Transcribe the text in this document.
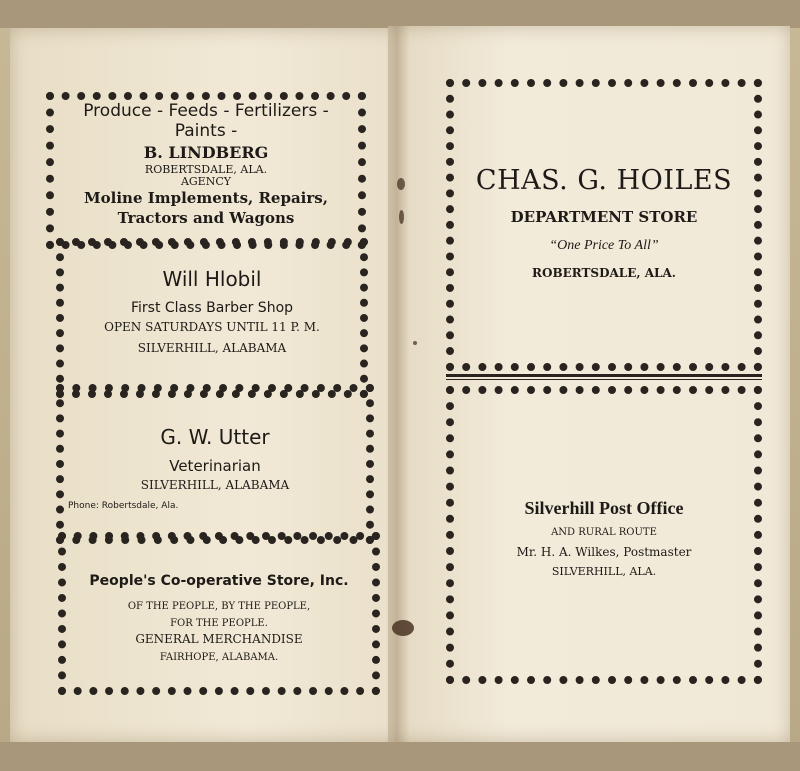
Produce - Feeds - Fertilizers -
Paints -
B. LINDBERG
ROBERTSDALE, ALA.
AGENCY
Moline Implements, Repairs,
Tractors and Wagons
Will Hlobil
First Class Barber Shop
OPEN SATURDAYS UNTIL 11 P. M.
SILVERHILL, ALABAMA
G. W. Utter
Veterinarian
SILVERHILL, ALABAMA
Phone: Robertsdale, Ala.
People's Co-operative Store, Inc.
OF THE PEOPLE, BY THE PEOPLE,
FOR THE PEOPLE.
GENERAL MERCHANDISE
FAIRHOPE, ALABAMA.
CHAS. G. HOILES
DEPARTMENT STORE
“One Price To All”
ROBERTSDALE, ALA.
Silverhill Post Office
AND RURAL ROUTE
Mr. H. A. Wilkes, Postmaster
SILVERHILL, ALA.
